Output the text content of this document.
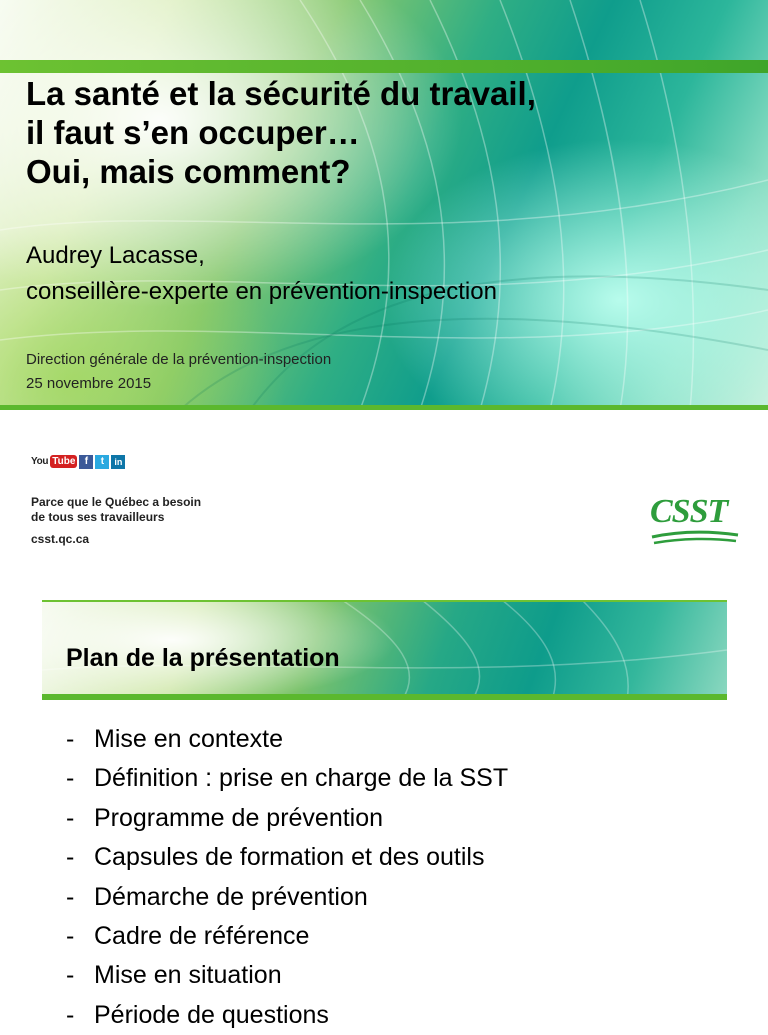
La santé et la sécurité du travail,
il faut s’en occuper…
Oui, mais comment?
Audrey Lacasse,
conseillère-experte en prévention-inspection
Direction générale de la prévention-inspection
25 novembre 2015
You Tube f	t	in
Parce que le Québec a besoin
de tous ses travailleurs
csst.qc.ca
CSST
Plan de la présentation
- Mise en contexte
- Définition : prise en charge de la SST
- Programme de prévention
- Capsules de formation et des outils
- Démarche de prévention
- Cadre de référence
- Mise en situation
- Période de questions
